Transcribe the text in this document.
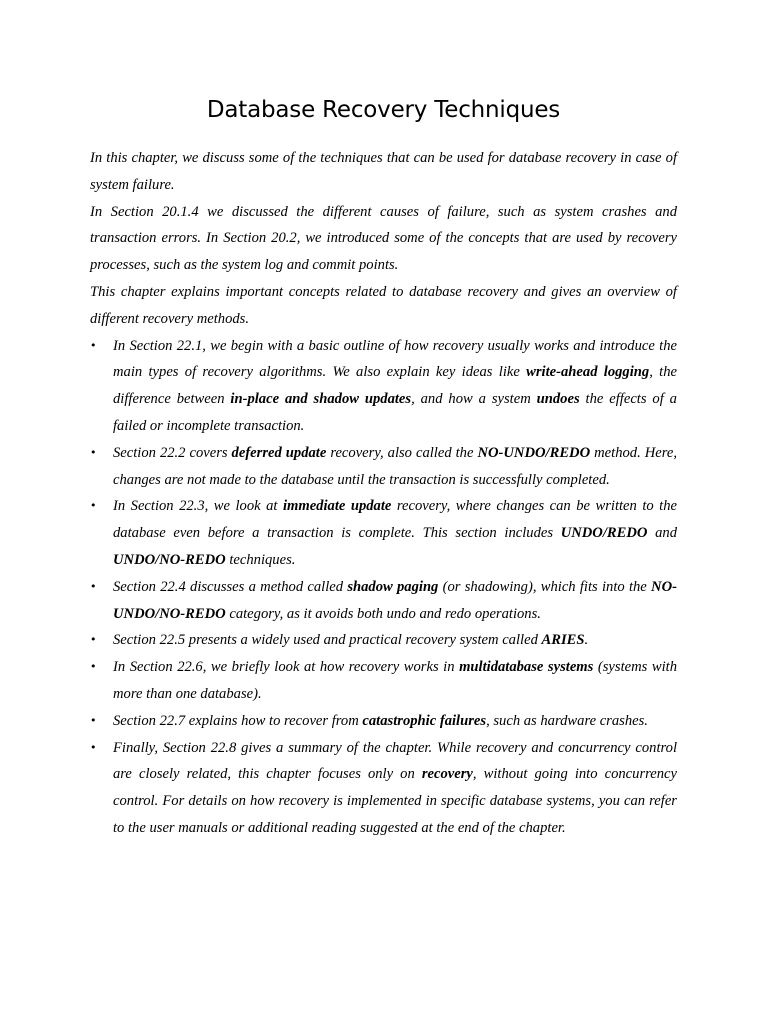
Database Recovery Techniques

In this chapter, we discuss some of the techniques that can be used for database recovery in case of system failure.

In Section 20.1.4 we discussed the different causes of failure, such as system crashes and transaction errors. In Section 20.2, we introduced some of the concepts that are used by recovery processes, such as the system log and commit points.

This chapter explains important concepts related to database recovery and gives an overview of different recovery methods.

• In Section 22.1, we begin with a basic outline of how recovery usually works and introduce the main types of recovery algorithms. We also explain key ideas like write-ahead logging, the difference between in-place and shadow updates, and how a system undoes the effects of a failed or incomplete transaction.

• Section 22.2 covers deferred update recovery, also called the NO-UNDO/REDO method. Here, changes are not made to the database until the transaction is successfully completed.

• In Section 22.3, we look at immediate update recovery, where changes can be written to the database even before a transaction is complete. This section includes UNDO/REDO and UNDO/NO-REDO techniques.

• Section 22.4 discusses a method called shadow paging (or shadowing), which fits into the NO-UNDO/NO-REDO category, as it avoids both undo and redo operations.

• Section 22.5 presents a widely used and practical recovery system called ARIES.

• In Section 22.6, we briefly look at how recovery works in multidatabase systems (systems with more than one database).

• Section 22.7 explains how to recover from catastrophic failures, such as hardware crashes.

• Finally, Section 22.8 gives a summary of the chapter. While recovery and concurrency control are closely related, this chapter focuses only on recovery, without going into concurrency control. For details on how recovery is implemented in specific database systems, you can refer to the user manuals or additional reading suggested at the end of the chapter.
